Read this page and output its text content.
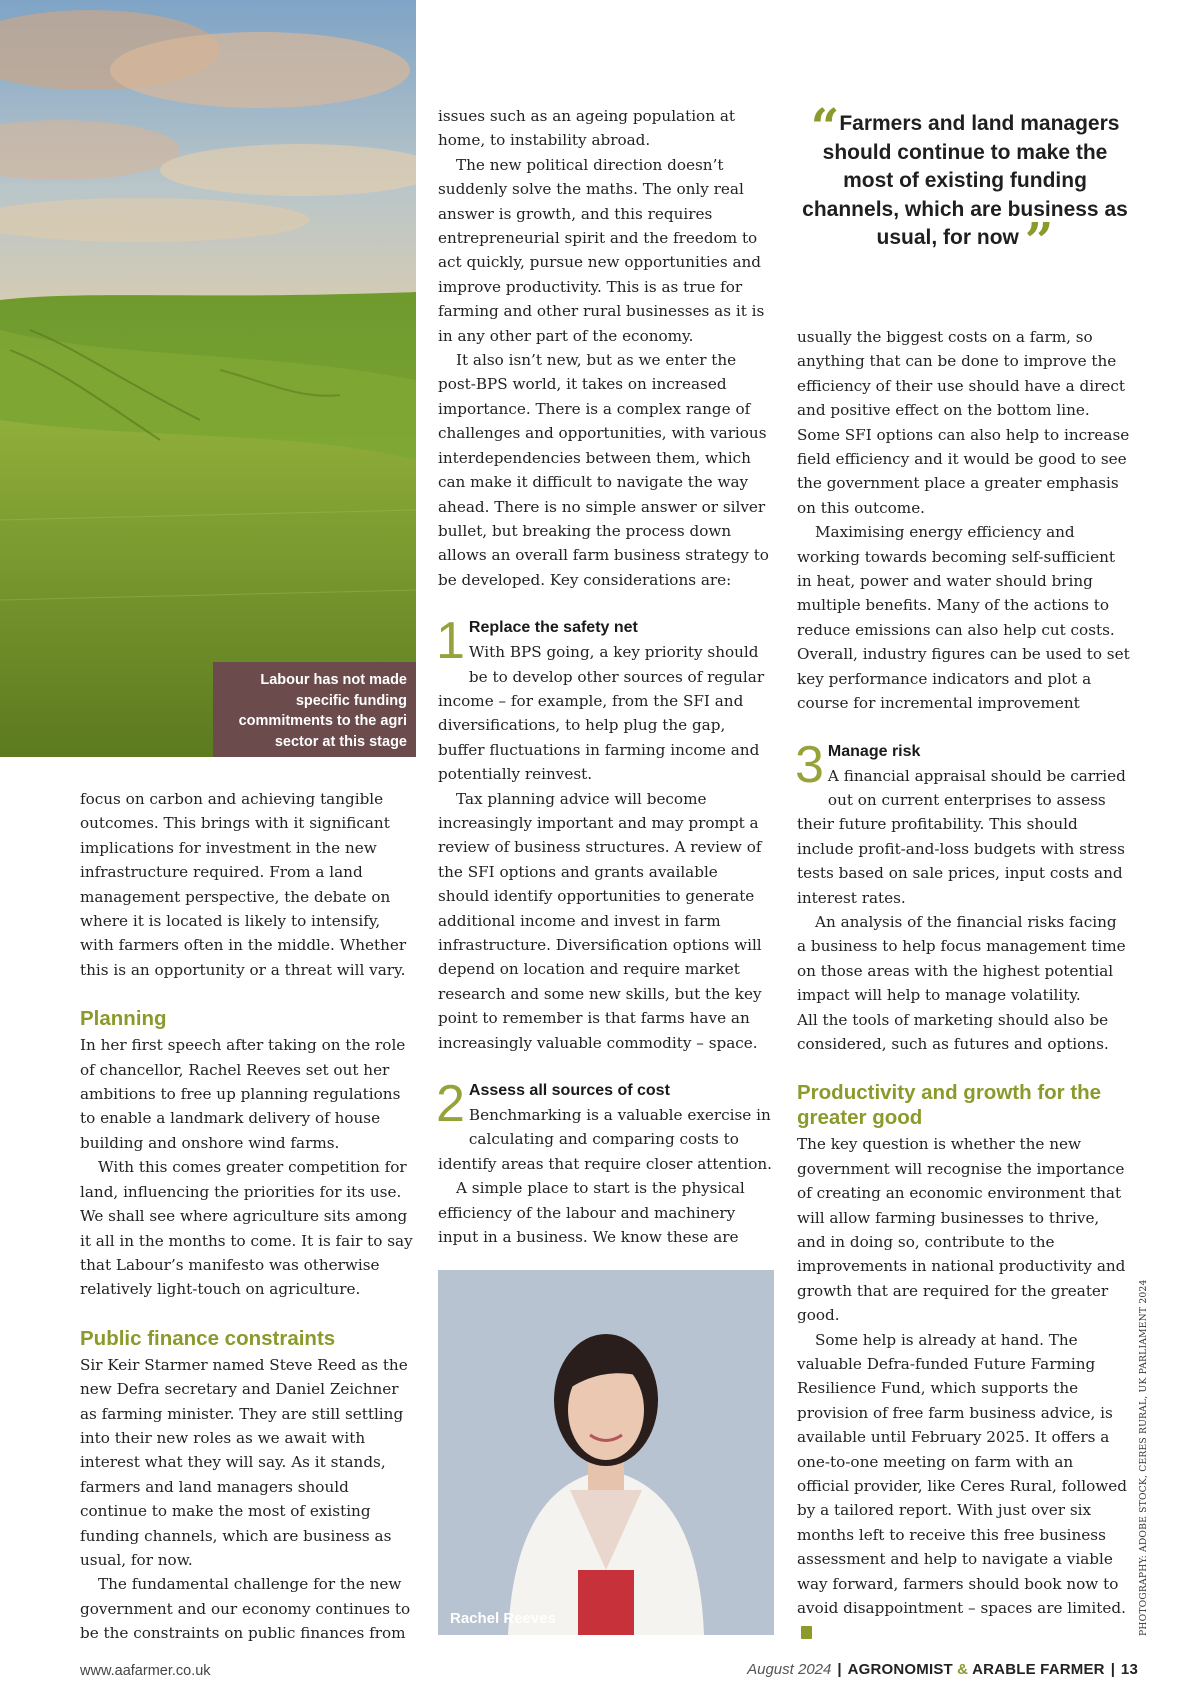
Labour has not made specific funding commitments to the agri sector at this stage

focus on carbon and achieving tangible outcomes. This brings with it significant implications for investment in the new infrastructure required. From a land management perspective, the debate on where it is located is likely to intensify, with farmers often in the middle. Whether this is an opportunity or a threat will vary.

Planning

In her first speech after taking on the role of chancellor, Rachel Reeves set out her ambitions to free up planning regulations to enable a landmark delivery of house building and onshore wind farms.

With this comes greater competition for land, influencing the priorities for its use. We shall see where agriculture sits among it all in the months to come. It is fair to say that Labour’s manifesto was otherwise relatively light-touch on agriculture.

Public finance constraints

Sir Keir Starmer named Steve Reed as the new Defra secretary and Daniel Zeichner as farming minister. They are still settling into their new roles as we await with interest what they will say. As it stands, farmers and land managers should continue to make the most of existing funding channels, which are business as usual, for now.

The fundamental challenge for the new government and our economy continues to be the constraints on public finances from

issues such as an ageing population at home, to instability abroad.

The new political direction doesn’t suddenly solve the maths. The only real answer is growth, and this requires entrepreneurial spirit and the freedom to act quickly, pursue new opportunities and improve productivity. This is as true for farming and other rural businesses as it is in any other part of the economy.

It also isn’t new, but as we enter the post-BPS world, it takes on increased importance. There is a complex range of challenges and opportunities, with various interdependencies between them, which can make it difficult to navigate the way ahead. There is no simple answer or silver bullet, but breaking the process down allows an overall farm business strategy to be developed. Key considerations are:

1 Replace the safety net

With BPS going, a key priority should be to develop other sources of regular income – for example, from the SFI and diversifications, to help plug the gap, buffer fluctuations in farming income and potentially reinvest.

Tax planning advice will become increasingly important and may prompt a review of business structures. A review of the SFI options and grants available should identify opportunities to generate additional income and invest in farm infrastructure. Diversification options will depend on location and require market research and some new skills, but the key point to remember is that farms have an increasingly valuable commodity – space.

2 Assess all sources of cost

Benchmarking is a valuable exercise in calculating and comparing costs to identify areas that require closer attention.

A simple place to start is the physical efficiency of the labour and machinery input in a business. We know these are

Rachel Reeves
“Farmers and land managers should continue to make the most of existing funding channels, which are business as usual, for now ”

usually the biggest costs on a farm, so anything that can be done to improve the efficiency of their use should have a direct and positive effect on the bottom line. Some SFI options can also help to increase field efficiency and it would be good to see the government place a greater emphasis on this outcome.

Maximising energy efficiency and working towards becoming self-sufficient in heat, power and water should bring multiple benefits. Many of the actions to reduce emissions can also help cut costs. Overall, industry figures can be used to set key performance indicators and plot a course for incremental improvement

3 Manage risk

A financial appraisal should be carried out on current enterprises to assess their future profitability. This should include profit-and-loss budgets with stress tests based on sale prices, input costs and interest rates.

An analysis of the financial risks facing a business to help focus management time on those areas with the highest potential impact will help to manage volatility.

All the tools of marketing should also be considered, such as futures and options.

Productivity and growth for the greater good

The key question is whether the new government will recognise the importance of creating an economic environment that will allow farming businesses to thrive, and in doing so, contribute to the improvements in national productivity and growth that are required for the greater good.

Some help is already at hand. The valuable Defra-funded Future Farming Resilience Fund, which supports the provision of free farm business advice, is available until February 2025. It offers a one-to-one meeting on farm with an official provider, like Ceres Rural, followed by a tailored report. With just over six months left to receive this free business assessment and help to navigate a viable way forward, farmers should book now to avoid disappointment – spaces are limited.	PHOTOGRAPHY: ADOBE STOCK, CERES RURAL, UK PARLIAMENT 2024
www.aafarmer.co.uk	August 2024 | AGRONOMIST & ARABLE FARMER | 13
